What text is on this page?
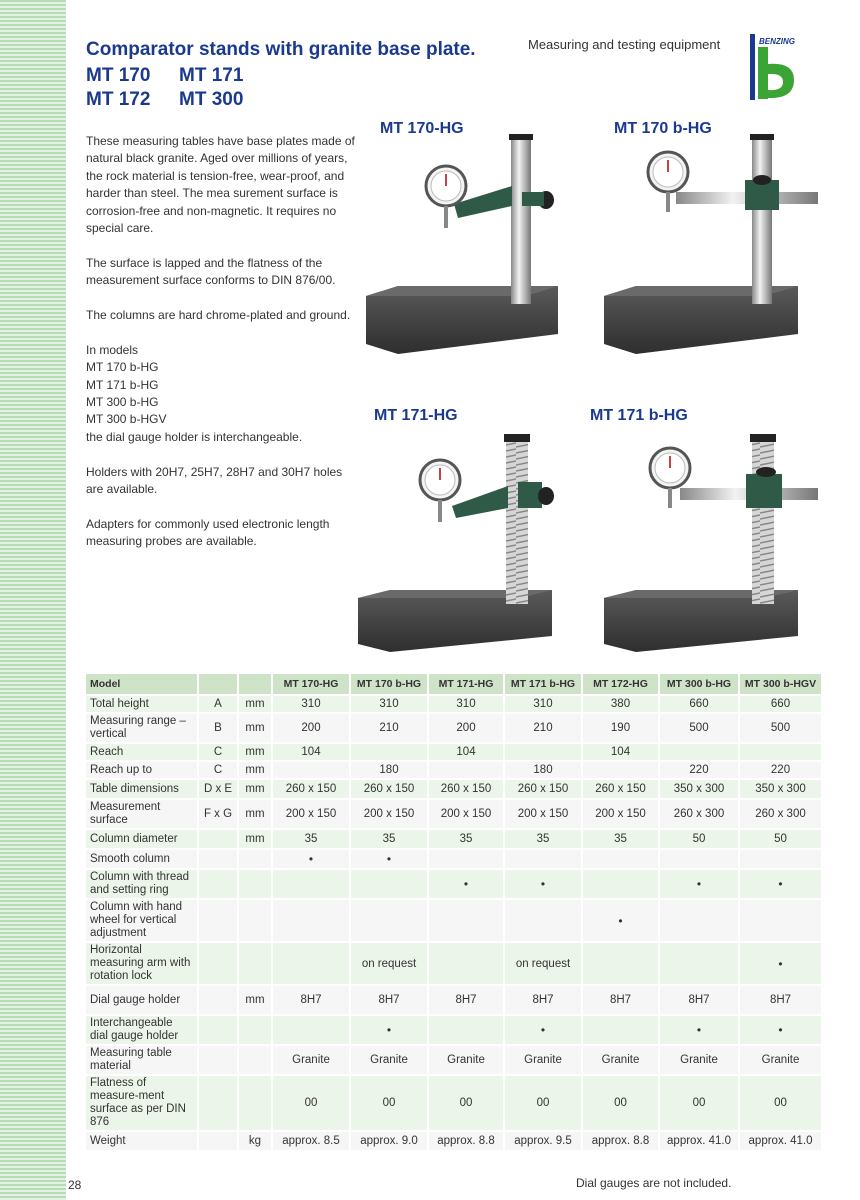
Comparator stands with granite base plate.
MT 170 MT 171
MT 172 MT 300
Measuring and testing equipment	BENZING

These measuring tables have base plates made of natural black granite. Aged over millions of years, the rock material is tension-free, wear-proof, and harder than steel. The mea surement surface is corrosion-free and non-magnetic. It requires no special care.

The surface is lapped and the flatness of the measurement surface conforms to DIN 876/00.

The columns are hard chrome-plated and ground.

In models

MT 170 b-HG

MT 171 b-HG

MT 300 b-HG

MT 300 b-HGV

the dial gauge holder is interchangeable.

Holders with 20H7, 25H7, 28H7 and 30H7 holes are available.

Adapters for commonly used electronic length measuring probes are available.

MT 170-HG	MT 170 b-HG
MT 171-HG	MT 171 b-HG
Model			MT 170-HG	MT 170 b-HG	MT 171-HG	MT 171 b-HG	MT 172-HG	MT 300 b-HG	MT 300 b-HGV
Total height	A	mm	310	310	310	310	380	660	660
Measuring range – vertical	B	mm	200	210	200	210	190	500	500
Reach	C	mm	104		104		104		
Reach up to	C	mm		180		180		220	220
Table dimensions	D x E	mm	260 x 150	260 x 150	260 x 150	260 x 150	260 x 150	350 x 300	350 x 300
Measurement surface	F x G	mm	200 x 150	200 x 150	200 x 150	200 x 150	200 x 150	260 x 300	260 x 300
Column diameter		mm	35	35	35	35	35	50	50
Smooth column			•	•					
Column with thread and setting ring					•	•		•	•
Column with hand wheel for vertical adjustment							•		
Horizontal measuring arm with rotation lock				on request		on request			•
Dial gauge holder		mm	8H7	8H7	8H7	8H7	8H7	8H7	8H7
Interchangeable dial gauge holder				•		•		•	•
Measuring table material			Granite	Granite	Granite	Granite	Granite	Granite	Granite
Flatness of measure-ment surface as per DIN 876			00	00	00	00	00	00	00
Weight		kg	approx. 8.5	approx. 9.0	approx. 8.8	approx. 9.5	approx. 8.8	approx. 41.0	approx. 41.0
28	Dial gauges are not included.
